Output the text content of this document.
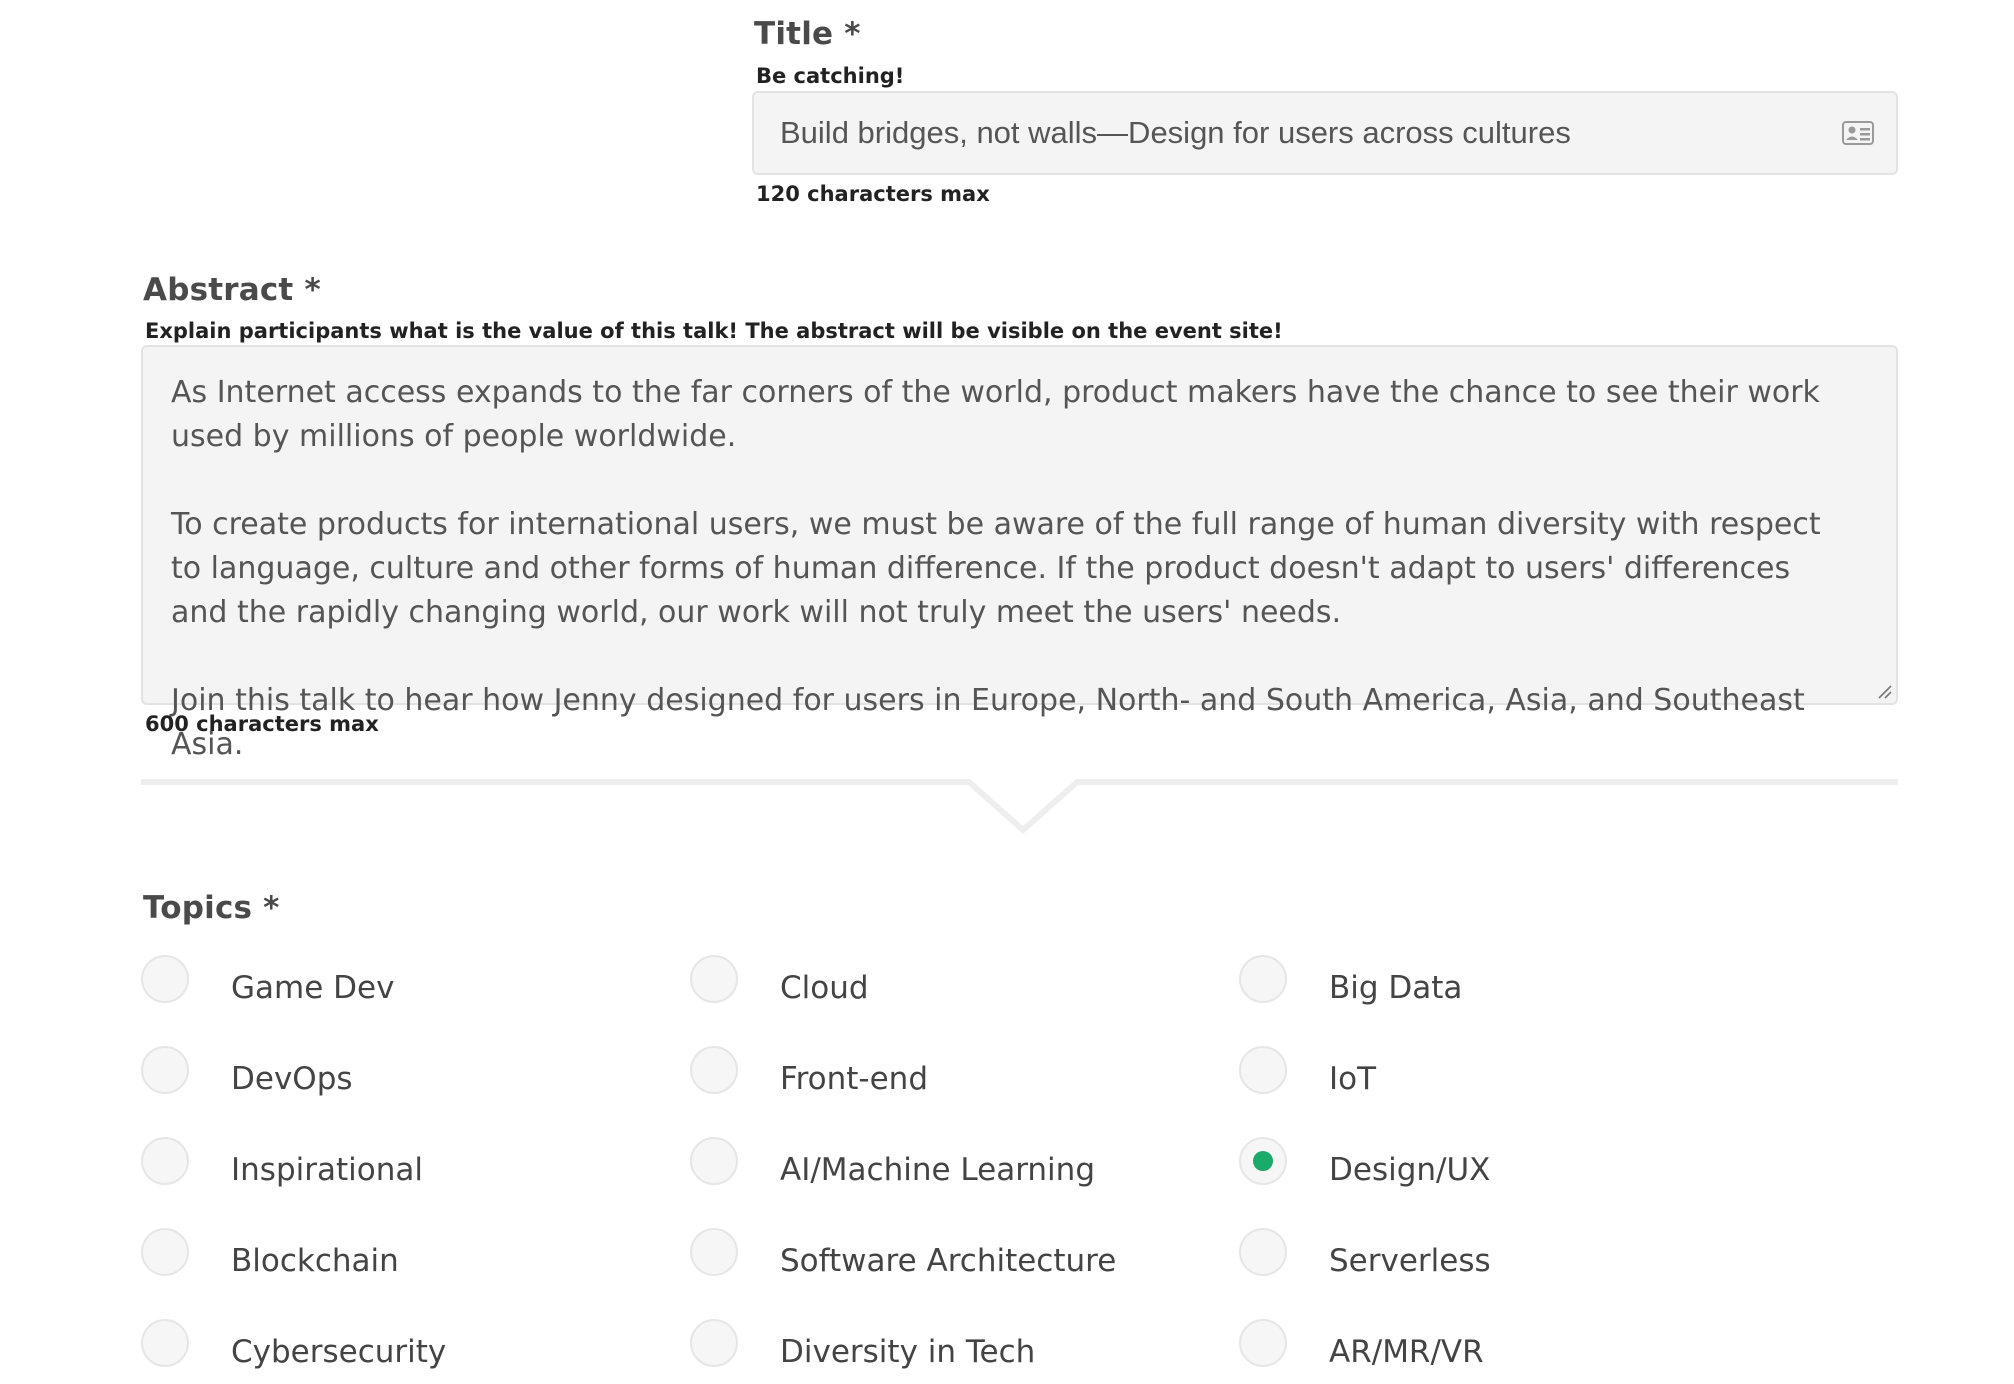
Title *
Be catching!
Build bridges, not walls—Design for users across cultures
120 characters max
Abstract *
Explain participants what is the value of this talk! The abstract will be visible on the event site!

As Internet access expands to the far corners of the world, product makers have the chance to see their work used by millions of people worldwide.

To create products for international users, we must be aware of the full range of human diversity with respect to language, culture and other forms of human difference. If the product doesn't adapt to users' differences and the rapidly changing world, our work will not truly meet the users' needs.

Join this talk to hear how Jenny designed for users in Europe, North- and South America, Asia, and Southeast Asia.

600 characters max
Topics *
Game Dev	Cloud	Big Data
DevOps	Front-end	IoT
Inspirational	AI/Machine Learning	Design/UX
Blockchain	Software Architecture	Serverless
Cybersecurity	Diversity in Tech	AR/MR/VR
